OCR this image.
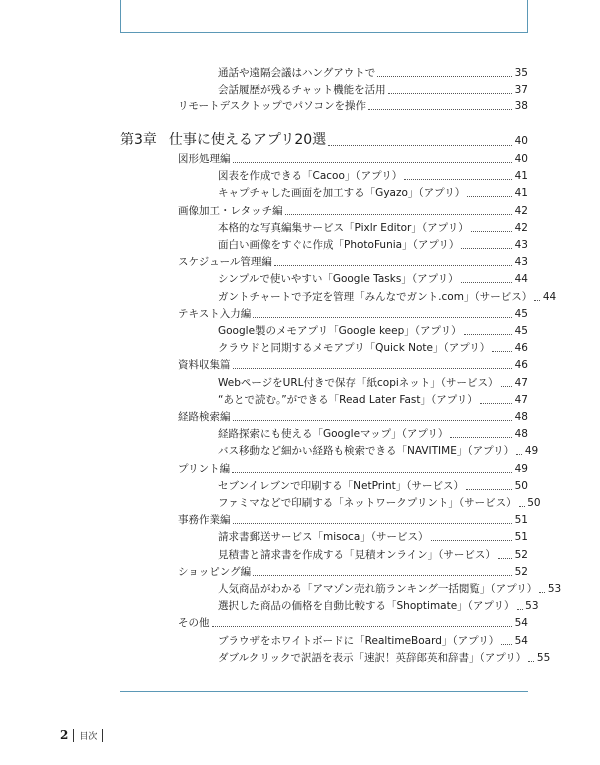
通話や遠隔会議はハングアウトで	35
会話履歴が残るチャット機能を活用	37
リモートデスクトップでパソコンを操作	38
第3章 仕事に使えるアプリ20選	40
図形処理編	40
図表を作成できる「Cacoo」（アプリ）	41
キャプチャした画面を加工する「Gyazo」（アプリ）	41
画像加工・レタッチ編	42
本格的な写真編集サービス「Pixlr Editor」（アプリ）	42
面白い画像をすぐに作成「PhotoFunia」（アプリ）	43
スケジュール管理編	43
シンプルで使いやすい「Google Tasks」（アプリ）	44
ガントチャートで予定を管理「みんなでガント.com」（サービス） 44
テキスト入力編	45
Google製のメモアプリ「Google keep」（アプリ）	45
クラウドと同期するメモアプリ「Quick Note」（アプリ） 46
資料収集篇	46
WebページをURL付きで保存「紙copiネット」（サービス） 47
“あとで読む。”ができる「Read Later Fast」（アプリ）	47
経路検索編	48
経路探索にも使える「Googleマップ」（アプリ）	48
バス移動など細かい経路も検索できる「NAVITIME」（アプリ） 49
プリント編	49
セブンイレブンで印刷する「NetPrint」（サービス）	50
ファミマなどで印刷する「ネットワークプリント」（サービス） 50
事務作業編	51
請求書郵送サービス「misoca」（サービス）	51
見積書と請求書を作成する「見積オンライン」（サービス） 52
ショッピング編	52
人気商品がわかる「アマゾン売れ筋ランキング一括閲覧」（アプリ） 53
選択した商品の価格を自動比較する「Shoptimate」（アプリ） 53
その他	54
ブラウザをホワイトボードに「RealtimeBoard」（アプリ） 54
ダブルクリックで訳語を表示「速訳！英辞郎英和辞書」（アプリ） 55
2 目次
